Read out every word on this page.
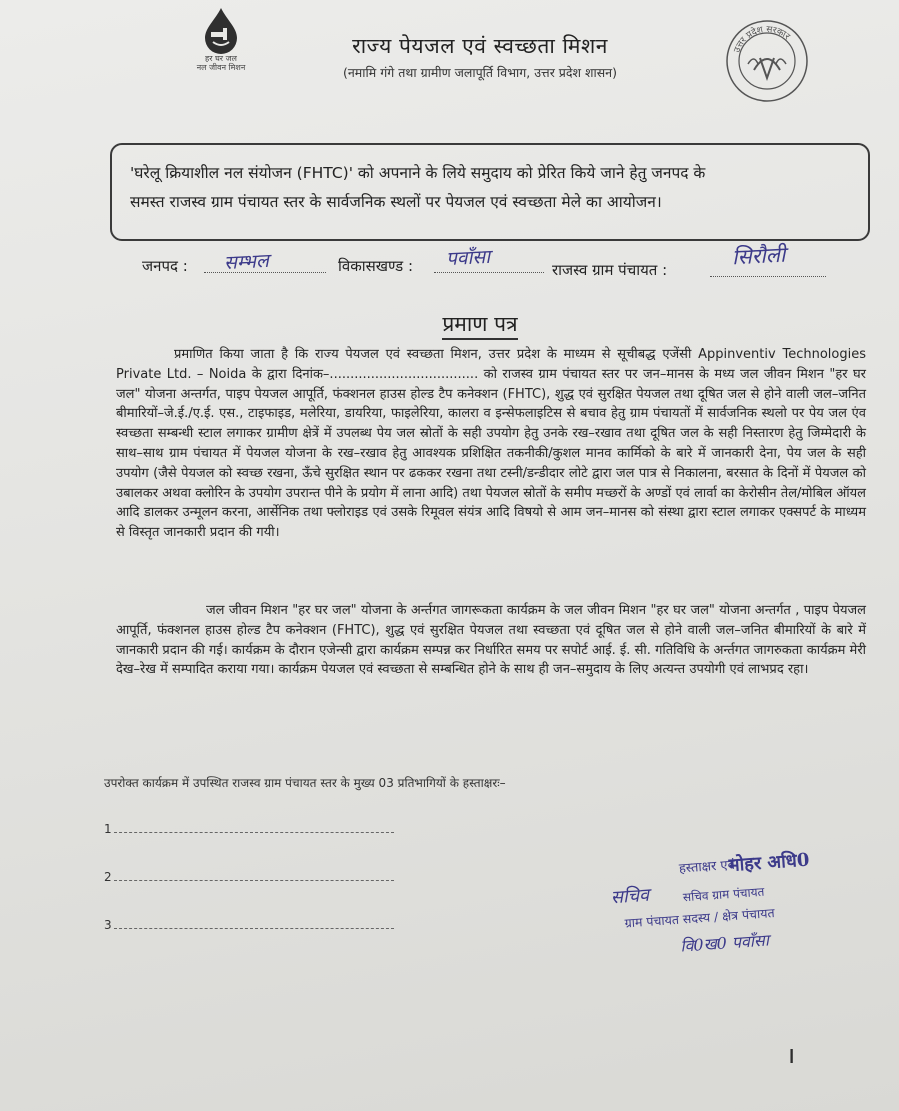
हर घर जल
नल जीवन मिशन
राज्य पेयजल एवं स्वच्छता मिशन
(नमामि गंगे तथा ग्रामीण जलापूर्ति विभाग, उत्तर प्रदेश शासन)
उत्तर प्रदेश सरकार
'घरेलू क्रियाशील नल संयोजन (FHTC)' को अपनाने के लिये समुदाय को प्रेरित किये जाने हेतु जनपद के
समस्त राजस्व ग्राम पंचायत स्तर के सार्वजनिक स्थलों पर पेयजल एवं स्वच्छता मेले का आयोजन।
जनपद : सम्भल	विकासखण्ड : पवाँसा	राजस्व ग्राम पंचायत :
सिरौली
प्रमाण पत्र
प्रमाणित किया जाता है कि राज्य पेयजल एवं स्वच्छता मिशन, उत्तर प्रदेश के माध्यम से सूचीबद्ध एजेंसी Appinventiv Technologies Private Ltd. – Noida के द्वारा दिनांक–.................................... को राजस्व ग्राम पंचायत स्तर पर जन–मानस के मध्य जल जीवन मिशन "हर घर जल" योजना अन्तर्गत, पाइप पेयजल आपूर्ति, फंक्शनल हाउस होल्ड टैप कनेक्शन (FHTC), शुद्ध एवं सुरक्षित पेयजल तथा दूषित जल से होने वाली जल–जनित बीमारियों–जे.ई./ए.ई. एस., टाइफाइड, मलेरिया, डायरिया, फाइलेरिया, कालरा व इन्सेफलाइटिस से बचाव हेतु ग्राम पंचायतों में सार्वजनिक स्थलो पर पेय जल एंव स्वच्छता सम्बन्धी स्टाल लगाकर ग्रामीण क्षेत्रें में उपलब्ध पेय जल स्रोतों के सही उपयोग हेतु उनके रख–रखाव तथा दूषित जल के सही निस्तारण हेतु जिम्मेदारी के साथ–साथ ग्राम पंचायत में पेयजल योजना के रख–रखाव हेतु आवश्यक प्रशिक्षित तकनीकी/कुशल मानव कार्मिको के बारे में जानकारी देना, पेय जल के सही उपयोग (जैसे पेयजल को स्वच्छ रखना, ऊँचे सुरक्षित स्थान पर ढककर रखना तथा टस्नी/डन्डीदार लोटे द्वारा जल पात्र से निकालना, बरसात के दिनों में पेयजल को उबालकर अथवा क्लोरिन के उपयोग उपरान्त पीने के प्रयोग में लाना आदि) तथा पेयजल स्रोतों के समीप मच्छरों के अण्डों एवं लार्वा का केरोसीन तेल/मोबिल ऑयल आदि डालकर उन्मूलन करना, आर्सेनिक तथा फ्लोराइड एवं उसके रिमूवल संयंत्र आदि विषयो से आम जन–मानस को संस्था द्वारा स्टाल लगाकर एक्सपर्ट के माध्यम से विस्तृत जानकारी प्रदान की गयी।
जल जीवन मिशन "हर घर जल" योजना के अर्न्तगत जागरूकता कार्यक्रम के जल जीवन मिशन "हर घर जल" योजना अन्तर्गत , पाइप पेयजल आपूर्ति, फंक्शनल हाउस होल्ड टैप कनेक्शन (FHTC), शुद्ध एवं सुरक्षित पेयजल तथा स्वच्छता एवं दूषित जल से होने वाली जल–जनित बीमारियों के बारे में जानकारी प्रदान की गई। कार्यक्रम के दौरान एजेन्सी द्वारा कार्यक्रम सम्पन्न कर निर्धारित समय पर सपोर्ट आई. ई. सी. गतिविधि के अर्न्तगत जागरुकता कार्यक्रम मेरी देख–रेख में सम्पादित कराया गया। कार्यक्रम पेयजल एवं स्वच्छता से सम्बन्धित होने के साथ ही जन–समुदाय के लिए अत्यन्त उपयोगी एवं लाभप्रद रहा।
उपरोक्त कार्यक्रम में उपस्थित राजस्व ग्राम पंचायत स्तर के मुख्य 03 प्रतिभागियों के हस्ताक्षरः–
1
2
3
हस्ताक्षर एवं
मोहर अधि0
सचिव	सचिव ग्राम पंचायत
ग्राम पंचायत सदस्य / क्षेत्र पंचायत
वि0ख0 पवाँसा
ı
